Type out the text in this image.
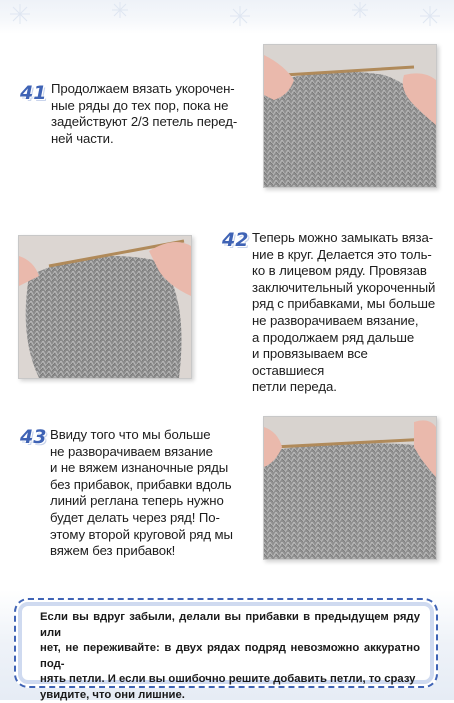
41 Продолжаем вязать укорочен-
ные ряды до тех пор, пока не
задействуют 2/3 петель перед-
ней части.
42 Теперь можно замыкать вяза-
ние в круг. Делается это толь-
ко в лицевом ряду. Провязав
заключительный укороченный
ряд с прибавками, мы больше
не разворачиваем вязание,
а продолжаем ряд дальше
и провязываем все оставшиеся
петли переда.
43 Ввиду того что мы больше
не разворачиваем вязание
и не вяжем изнаночные ряды
без прибавок, прибавки вдоль
линий реглана теперь нужно
будет делать через ряд! По-
этому второй круговой ряд мы
вяжем без прибавок!
Если вы вдруг забыли, делали вы прибавки в предыдущем ряду или
нет, не переживайте: в двух рядах подряд невозможно аккуратно под-
нять петли. И если вы ошибочно решите добавить петли, то сразу
увидите, что они лишние.
